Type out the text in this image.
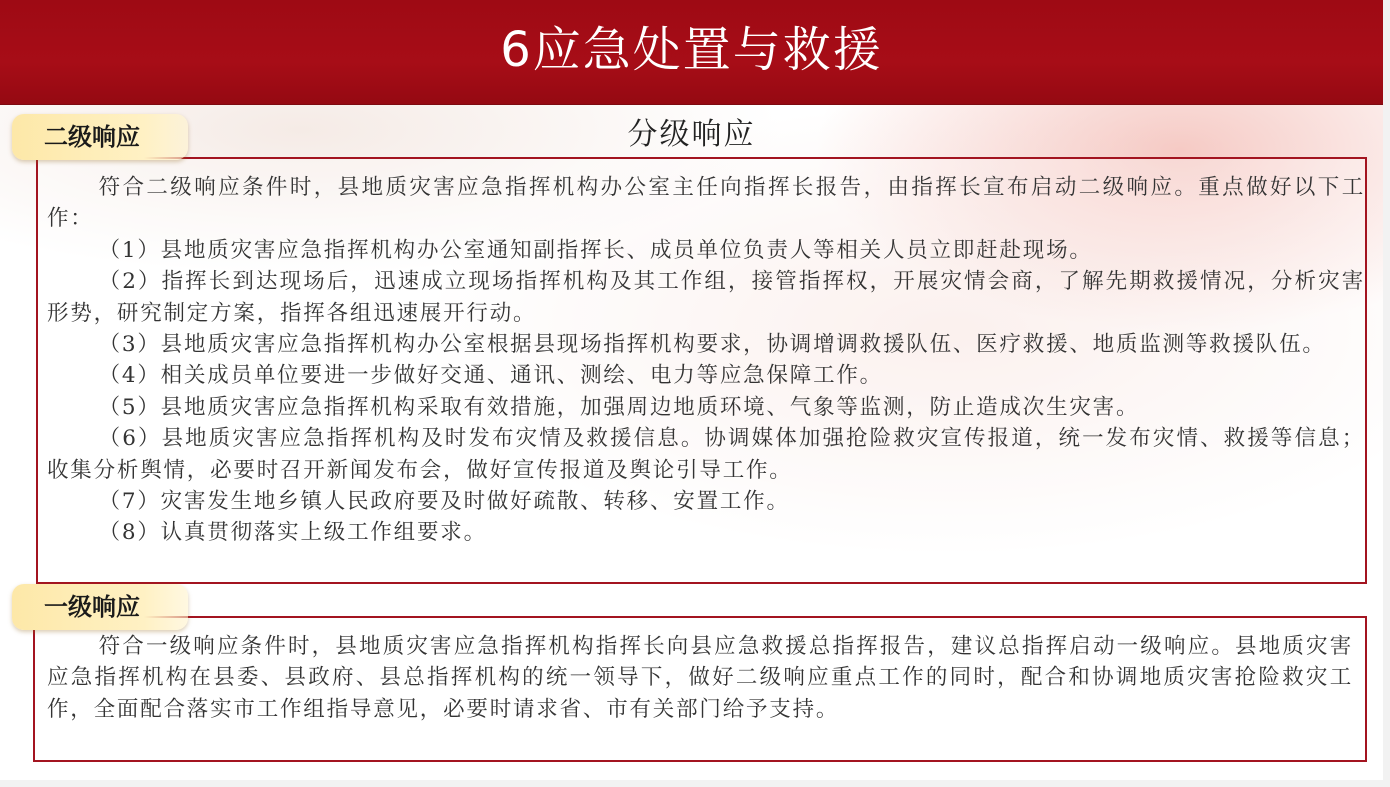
6应急处置与救援
分级响应
二级响应

符合二级响应条件时，县地质灾害应急指挥机构办公室主任向指挥长报告，由指挥长宣布启动二级响应。重点做好以下工作：

（1）县地质灾害应急指挥机构办公室通知副指挥长、成员单位负责人等相关人员立即赶赴现场。

（2）指挥长到达现场后，迅速成立现场指挥机构及其工作组，接管指挥权，开展灾情会商，了解先期救援情况，分析灾害形势，研究制定方案，指挥各组迅速展开行动。

（3）县地质灾害应急指挥机构办公室根据县现场指挥机构要求，协调增调救援队伍、医疗救援、地质监测等救援队伍。

（4）相关成员单位要进一步做好交通、通讯、测绘、电力等应急保障工作。

（5）县地质灾害应急指挥机构采取有效措施，加强周边地质环境、气象等监测，防止造成次生灾害。

（6）县地质灾害应急指挥机构及时发布灾情及救援信息。协调媒体加强抢险救灾宣传报道，统一发布灾情、救援等信息；收集分析舆情，必要时召开新闻发布会，做好宣传报道及舆论引导工作。

（7）灾害发生地乡镇人民政府要及时做好疏散、转移、安置工作。

（8）认真贯彻落实上级工作组要求。

一级响应

符合一级响应条件时，县地质灾害应急指挥机构指挥长向县应急救援总指挥报告，建议总指挥启动一级响应。县地质灾害应急指挥机构在县委、县政府、县总指挥机构的统一领导下，做好二级响应重点工作的同时，配合和协调地质灾害抢险救灾工作，全面配合落实市工作组指导意见，必要时请求省、市有关部门给予支持。
